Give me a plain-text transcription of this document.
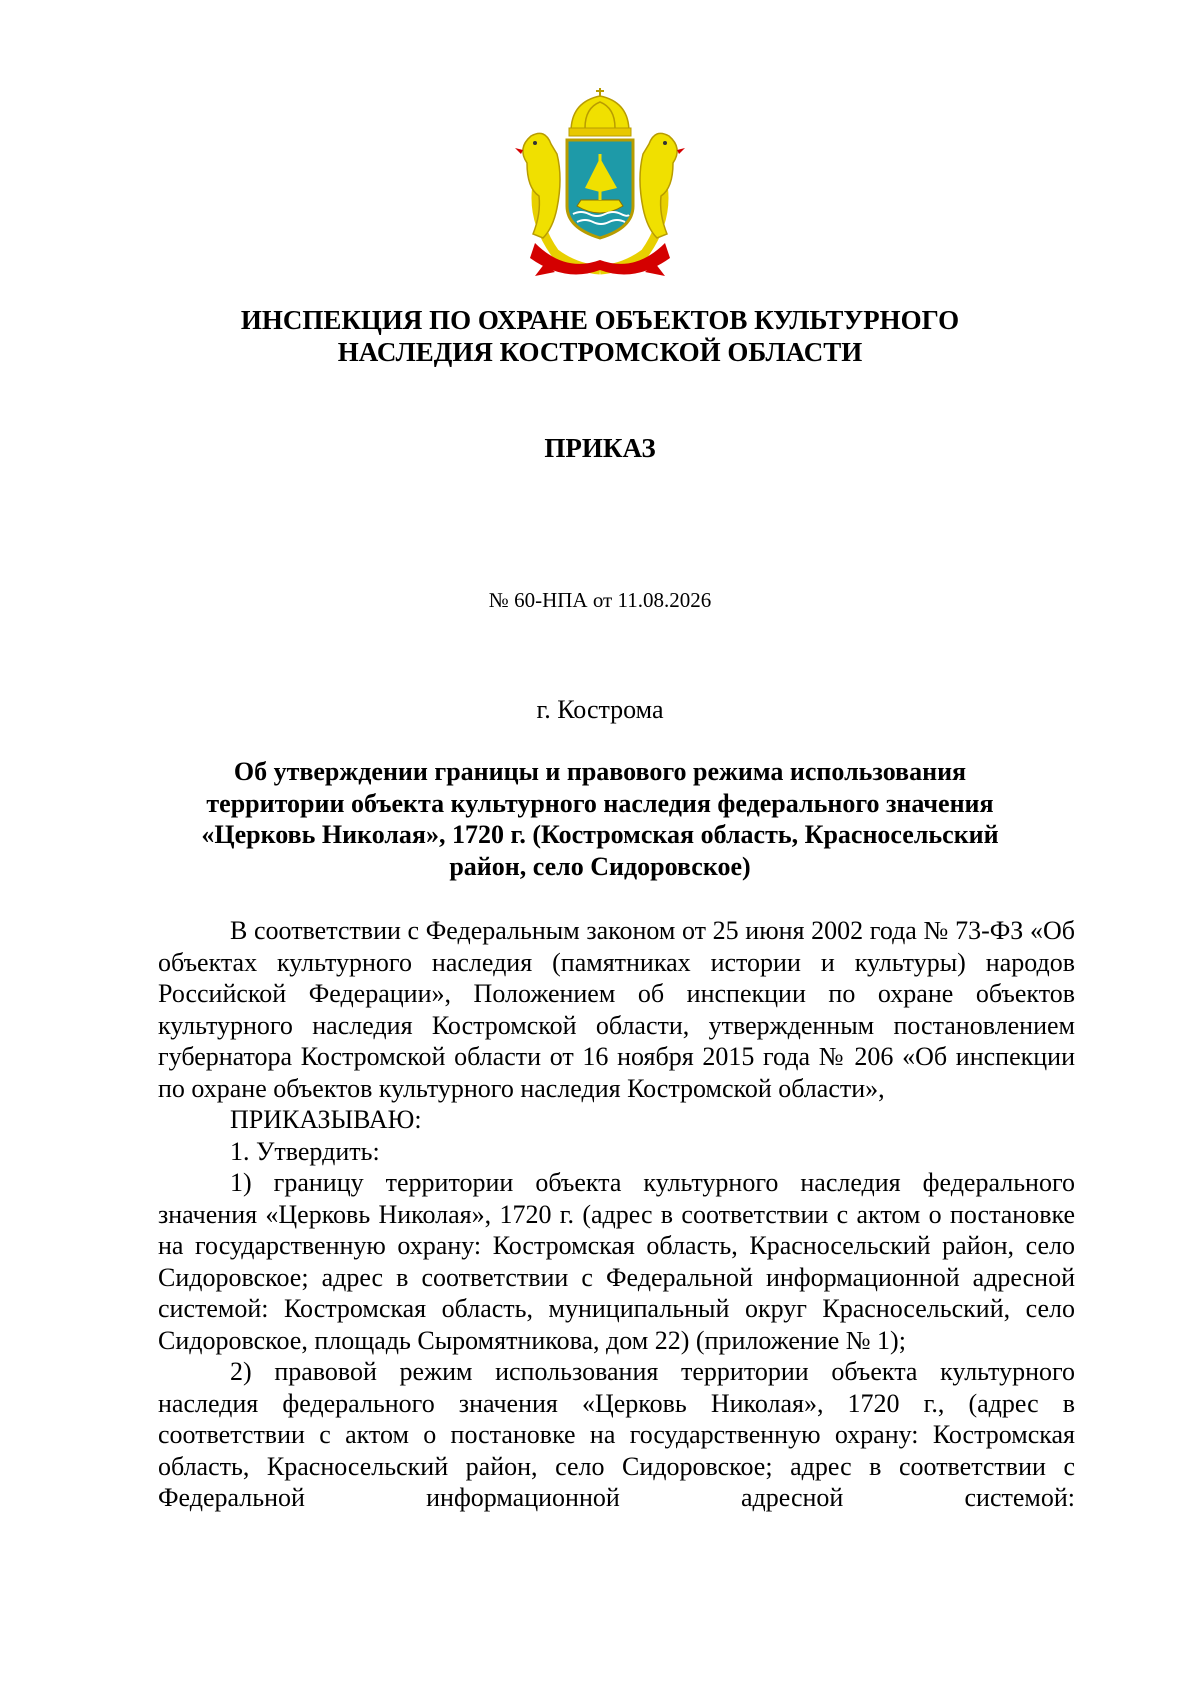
ИНСПЕКЦИЯ ПО ОХРАНЕ ОБЪЕКТОВ КУЛЬТУРНОГО
НАСЛЕДИЯ КОСТРОМСКОЙ ОБЛАСТИ
ПРИКАЗ
№ 60-НПА от 11.08.2026
г. Кострома
Об утверждении границы и правового режима использования
территории объекта культурного наследия федерального значения
«Церковь Николая», 1720 г. (Костромская область, Красносельский
район, село Сидоровское)

В соответствии с Федеральным законом от 25 июня 2002 года № 73-ФЗ «Об объектах культурного наследия (памятниках истории и культуры) народов Российской Федерации», Положением об инспекции по охране объектов культурного наследия Костромской области, утвержденным постановлением губернатора Костромской области от 16 ноября 2015 года № 206 «Об инспекции по охране объектов культурного наследия Костромской области»,

ПРИКАЗЫВАЮ:

1. Утвердить:

1) границу территории объекта культурного наследия федерального значения «Церковь Николая», 1720 г. (адрес в соответствии с актом о постановке на государственную охрану: Костромская область, Красносельский район, село Сидоровское; адрес в соответствии с Федеральной информационной адресной системой: Костромская область, муниципальный округ Красносельский, село Сидоровское, площадь Сыромятникова, дом 22) (приложение № 1);

2) правовой режим использования территории объекта культурного наследия федерального значения «Церковь Николая», 1720 г., (адрес в соответствии с актом о постановке на государственную охрану: Костромская область, Красносельский район, село Сидоровское; адрес в соответствии с Федеральной информационной адресной системой:
